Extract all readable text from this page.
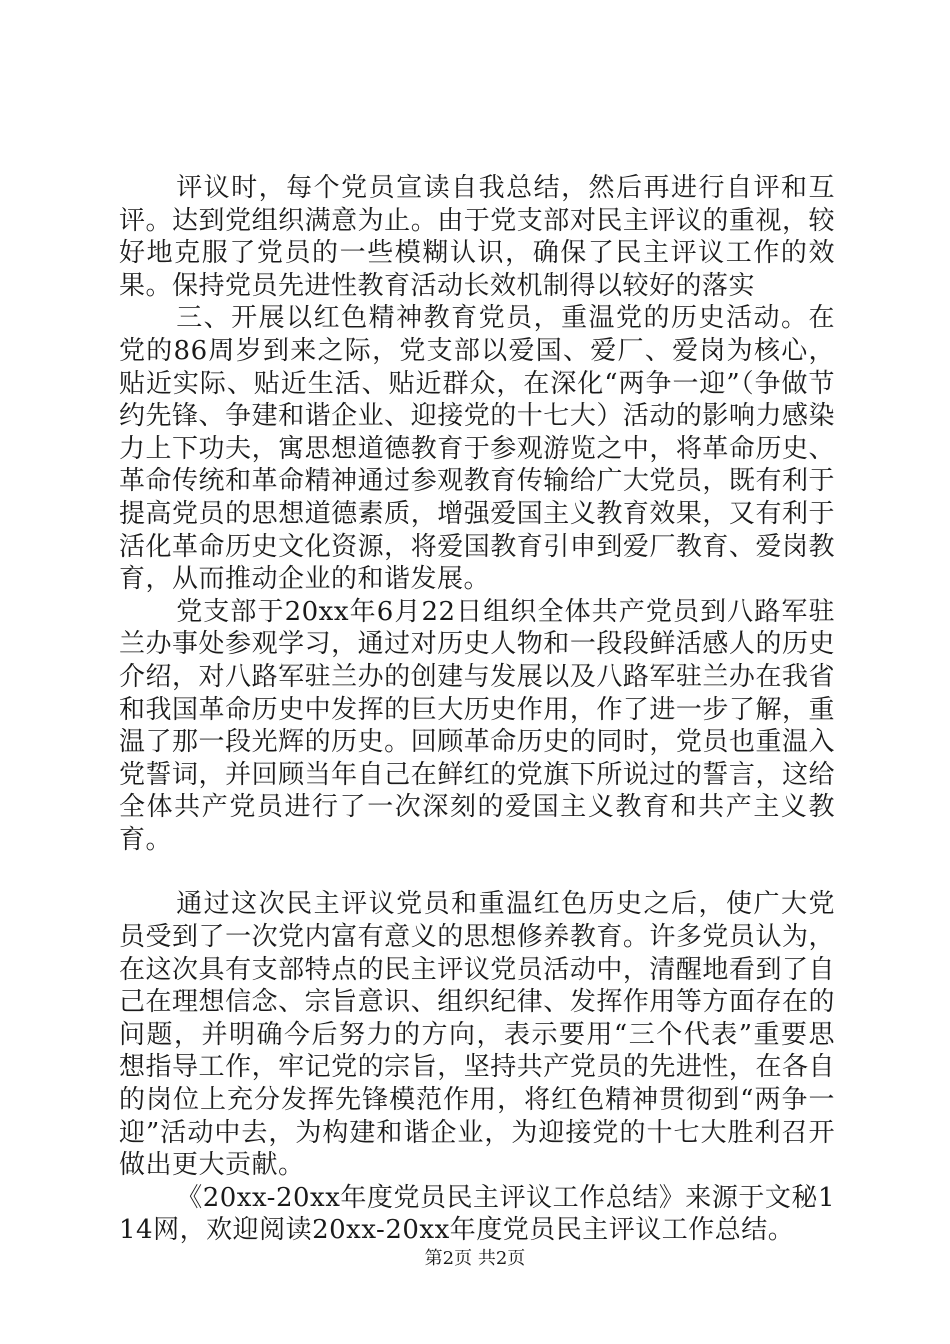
评议时，每个党员宣读自我总结，然后再进行自评和互评。达到党组织满意为止。由于党支部对民主评议的重视，较好地克服了党员的一些模糊认识，确保了民主评议工作的效果。保持党员先进性教育活动长效机制得以较好的落实

三、开展以红色精神教育党员，重温党的历史活动。在党的86周岁到来之际，党支部以爱国、爱厂、爱岗为核心，贴近实际、贴近生活、贴近群众，在深化“两争一迎”（争做节约先锋、争建和谐企业、迎接党的十七大）活动的影响力感染力上下功夫，寓思想道德教育于参观游览之中，将革命历史、革命传统和革命精神通过参观教育传输给广大党员，既有利于提高党员的思想道德素质，增强爱国主义教育效果，又有利于活化革命历史文化资源，将爱国教育引申到爱厂教育、爱岗教育，从而推动企业的和谐发展。

党支部于20xx年6月22日组织全体共产党员到八路军驻兰办事处参观学习，通过对历史人物和一段段鲜活感人的历史介绍，对八路军驻兰办的创建与发展以及八路军驻兰办在我省和我国革命历史中发挥的巨大历史作用，作了进一步了解，重温了那一段光辉的历史。回顾革命历史的同时，党员也重温入党誓词，并回顾当年自己在鲜红的党旗下所说过的誓言，这给全体共产党员进行了一次深刻的爱国主义教育和共产主义教育。

通过这次民主评议党员和重温红色历史之后，使广大党员受到了一次党内富有意义的思想修养教育。许多党员认为，在这次具有支部特点的民主评议党员活动中，清醒地看到了自己在理想信念、宗旨意识、组织纪律、发挥作用等方面存在的问题，并明确今后努力的方向，表示要用“三个代表”重要思想指导工作，牢记党的宗旨，坚持共产党员的先进性，在各自的岗位上充分发挥先锋模范作用，将红色精神贯彻到“两争一迎”活动中去，为构建和谐企业，为迎接党的十七大胜利召开做出更大贡献。

《20xx-20xx年度党员民主评议工作总结》来源于文秘114网，欢迎阅读20xx-20xx年度党员民主评议工作总结。

第2页 共2页
